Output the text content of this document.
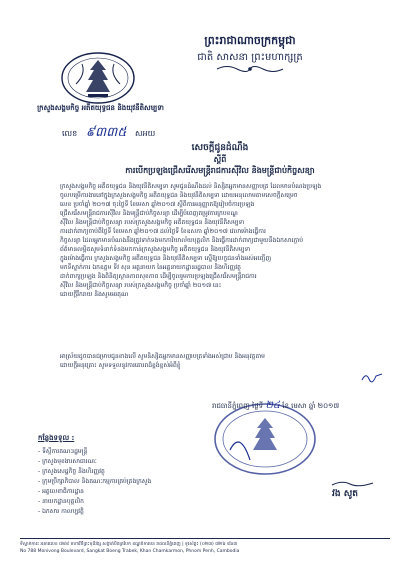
ព្រះរាជាណាចក្រកម្ពុជា
ជាតិ សាសនា ព្រះមហាក្សត្រ
ក្រសួងសង្គមកិច្ច អតីតយុទ្ធជន និងយុវនីតិសម្បទា
លេខ ៩៣៣៥ សអយ
សេចក្ដីជូនដំណឹង
ស្ដីពី
ការបើកប្រឡងជ្រើសរើសមន្ត្រីរាជការស៊ីវិល និងមន្ត្រីជាប់កិច្ចសន្យា
ក្រសួងសង្គមកិច្ច អតីតយុទ្ធជន និងយុវនីតិសម្បទា សូមជូនដំណឹងដល់ និស្សិតអ្នកមានសញ្ញាបត្រ ដែលមានបំណងប្រឡង
ចូលបម្រើការងារនៅក្នុងក្រសួងសង្គមកិច្ច អតីតយុទ្ធជន និងយុវនីតិសម្បទា ដោយអនុលោមតាមសេចក្ដីសម្រេច
លេខ ប្រចាំឆ្នាំ ២០១៧ ចុះថ្ងៃទី ខែមេសា ឆ្នាំ២០១៧ ស្ដីពីការអនុញ្ញាតឱ្យរៀបចំការប្រឡង
ជ្រើសរើសមន្ត្រីរាជការស៊ីវិល និងមន្ត្រីជាប់កិច្ចសន្យា ដើម្បីបំពេញតម្រូវការក្របខណ្ឌ
ស៊ីវិល និងមន្ត្រីជាប់កិច្ចសន្យា របស់ក្រសួងសង្គមកិច្ច អតីតយុទ្ធជន និងយុវនីតិសម្បទា
ការដាក់ពាក្យចាប់ពីថ្ងៃទី ខែមេសា ឆ្នាំ២០១៧ ដល់ថ្ងៃទី ខែឧសភា ឆ្នាំ២០១៧ វេលាម៉ោងធ្វើការ
កិច្ចសន្យា ដែលអ្នកមានបំណងនឹងត្រូវទាក់ទងមកការិយាល័យបុគ្គលិក និងធ្វើការដាក់ពាក្យជាមួយនឹងឯកសារភ្ជាប់
ព័ត៌មានលម្អិតសូមទំនាក់ទំនងមកកាន់ក្រសួងសង្គមកិច្ច អតីតយុទ្ធជន និងយុវនីតិសម្បទា
ក្នុងម៉ោងធ្វើការ ក្រសួងសង្គមកិច្ច អតីតយុទ្ធជន និងយុវនីតិសម្បទា ស្នើឱ្យបេក្ខជនទាំងអស់អញ្ជើញ
មកទីស្នាក់ការ ឯកឧត្ដម ទីវ សុន អគ្គនាយក នៃអគ្គនាយកដ្ឋានរដ្ឋបាល និងហិរញ្ញវត្ថុ
ដាក់ពាក្យប្រឡង និងពិនិត្យស្ថានភាពសុខភាព ដើម្បីចូលរួមការប្រឡងជ្រើសរើសមន្ត្រីរាជការ
ស៊ីវិល និងមន្ត្រីជាប់កិច្ចសន្យា របស់ក្រសួងសង្គមកិច្ច ប្រចាំឆ្នាំ ២០១៧ នេះ
ដោយក្ដីរីករាយ និងសូមអរគុណ
អាស្រ័យដូចបានជម្រាបជូនខាងលើ សូមនិស្សិតអ្នកមានសញ្ញាបត្រទាំងអស់ជ្រាប និងអនុវត្តតាម
ដោយក្ដីអនុគ្រោះ សូមទទួលនូវការគោរពដ៏ខ្ពង់ខ្ពស់អំពីខ្ញុំ
រាជធានីភ្នំពេញ ថ្ងៃទី ២៤ ខែ មេសា ឆ្នាំ ២០១៧
វង សូត
កន្លែងទទួល :
- ទីស្ដីការគណៈរដ្ឋមន្ត្រី
- ក្រសួងមុខងារសាធារណៈ
- ក្រសួងសេដ្ឋកិច្ច និងហិរញ្ញវត្ថុ
- ក្រុមប្រឹក្សាភិបាល និងគណៈកម្មការគ្រប់គ្រងក្រសួង
- អគ្គលេខាធិការដ្ឋាន
- នាយកដ្ឋានបុគ្គលិក
- ឯកសារ កាលប្បវត្តិ
ទីស្នាក់ការ៖ អគារលេខ ៧៨៨ មហាវិថីព្រះមុនីវង្ស សង្កាត់បឹងត្របែក ខណ្ឌចំការមន រាជធានីភ្នំពេញ | ទូរស័ព្ទ៖ (០២៣) ៧២៦ ៨៦៣
No 788 Monivong Boulevard, Sangkat Boeng Trabek, Khan Chamkarmon, Phnom Penh, Cambodia
